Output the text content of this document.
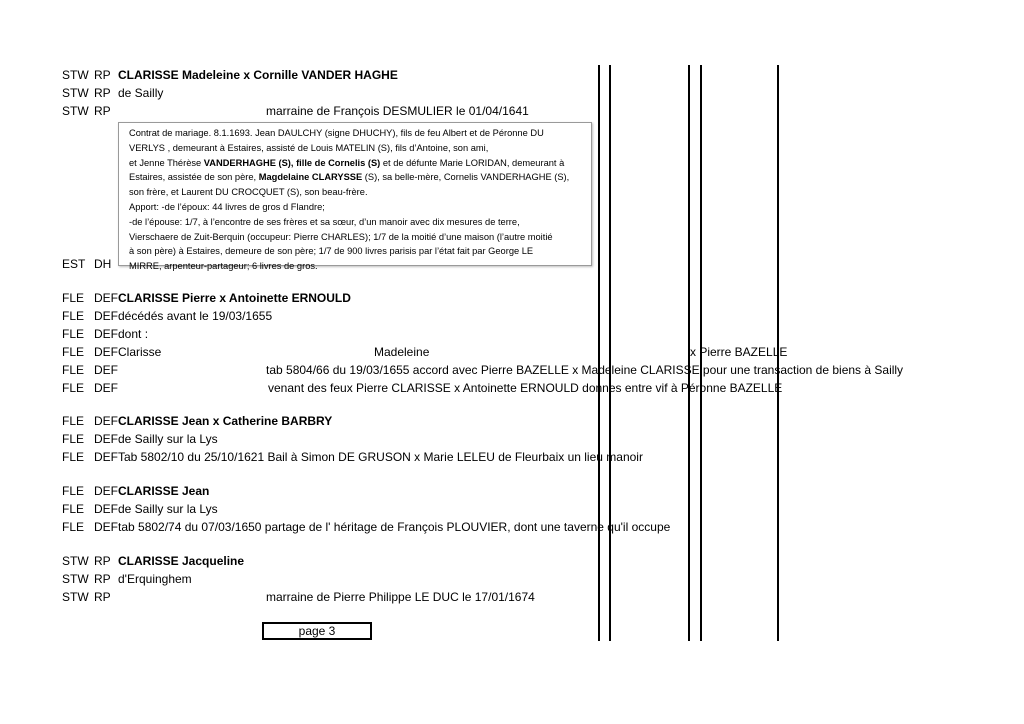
STW RP CLARISSE Madeleine x Cornille VANDER HAGHE
STW RP de Sailly
STW RP	marraine de François DESMULIER le 01/04/1641
Contrat de mariage. 8.1.1693. Jean DAULCHY (signe DHUCHY), fils de feu Albert et de Péronne DU
VERLYS , demeurant à Estaires, assisté de Louis MATELIN (S), fils d’Antoine, son ami,
et Jenne Thérèse VANDERHAGHE (S), fille de Cornelis (S) et de défunte Marie LORIDAN, demeurant à
Estaires, assistée de son père, Magdelaine CLARYSSE (S), sa belle-mère, Cornelis VANDERHAGHE (S),
son frère, et Laurent DU CROCQUET (S), son beau-frère.
Apport: -de l’époux: 44 livres de gros d Flandre;
-de l’épouse: 1/7, à l’encontre de ses frères et sa sœur, d’un manoir avec dix mesures de terre,
Vierschaere de Zuit-Berquin (occupeur: Pierre CHARLES); 1/7 de la moitié d’une maison (l’autre moitié
à son père) à Estaires, demeure de son père; 1/7 de 900 livres parisis par l’état fait par George LE
MIRRE, arpenteur-partageur; 6 livres de gros.
EST DH
FLE DEF CLARISSE Pierre x Antoinette ERNOULD
FLE DEF décédés avant le 19/03/1655
FLE DEF dont :
FLE DEF Clarisse	Madeleine	x Pierre BAZELLE
FLE DEF	tab 5804/66 du 19/03/1655 accord avec Pierre BAZELLE x Madeleine CLARISSE pour une transaction de biens à Sailly
FLE DEF	venant des feux Pierre CLARISSE x Antoinette ERNOULD donnes entre vif à Péronne BAZELLE
FLE DEF CLARISSE Jean x Catherine BARBRY
FLE DEF de Sailly sur la Lys
FLE DEF Tab 5802/10 du 25/10/1621 Bail à Simon DE GRUSON x Marie LELEU de Fleurbaix un lieu manoir
FLE DEF CLARISSE Jean
FLE DEF de Sailly sur la Lys
FLE DEF tab 5802/74 du 07/03/1650 partage de l' héritage de François PLOUVIER, dont une taverne qu'il occupe
STW RP CLARISSE Jacqueline
STW RP d'Erquinghem
STW RP	marraine de Pierre Philippe LE DUC le 17/01/1674
page 3
